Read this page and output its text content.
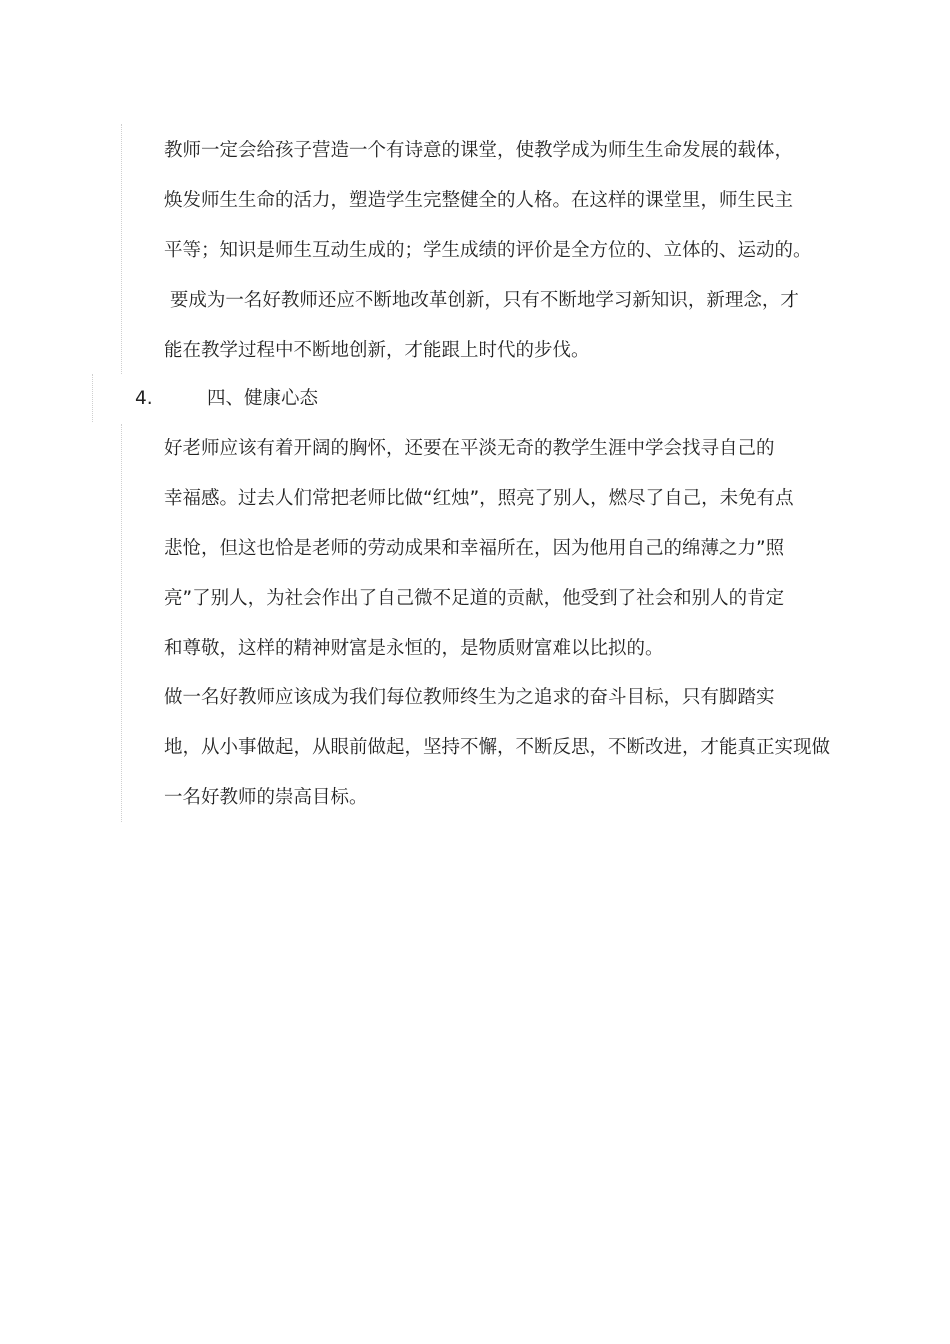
教师一定会给孩子营造一个有诗意的课堂，使教学成为师生生命发展的载体，
焕发师生生命的活力，塑造学生完整健全的人格。在这样的课堂里，师生民主
平等；知识是师生互动生成的；学生成绩的评价是全方位的、立体的、运动的。
要成为一名好教师还应不断地改革创新，只有不断地学习新知识，新理念，才
能在教学过程中不断地创新，才能跟上时代的步伐。

4.	四、健康心态

好老师应该有着开阔的胸怀，还要在平淡无奇的教学生涯中学会找寻自己的
幸福感。过去人们常把老师比做“红烛”，照亮了别人，燃尽了自己，未免有点
悲怆，但这也恰是老师的劳动成果和幸福所在，因为他用自己的绵薄之力”照
亮”了别人，为社会作出了自己微不足道的贡献，他受到了社会和别人的肯定
和尊敬，这样的精神财富是永恒的，是物质财富难以比拟的。

做一名好教师应该成为我们每位教师终生为之追求的奋斗目标，只有脚踏实
地，从小事做起，从眼前做起，坚持不懈，不断反思，不断改进，才能真正实现做
一名好教师的崇高目标。
